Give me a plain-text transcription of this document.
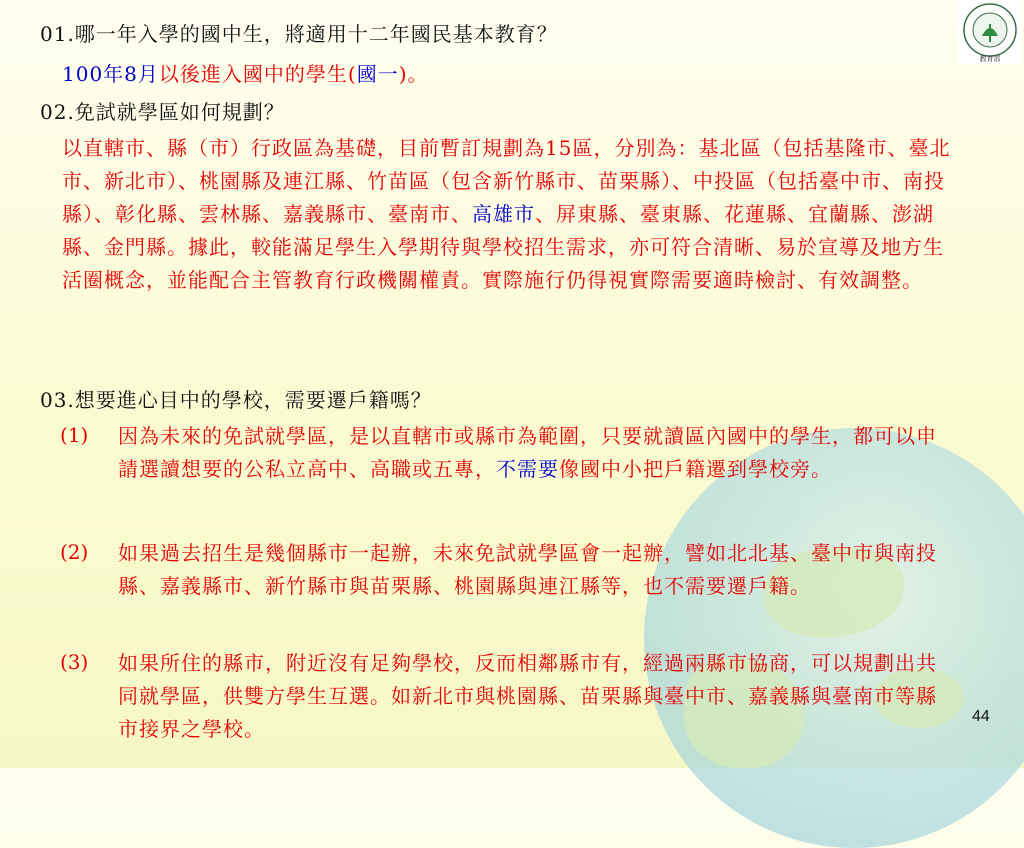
教育部
01.哪一年入學的國中生，將適用十二年國民基本教育？
100年8月以後進入國中的學生(國一)。
02.免試就學區如何規劃？
以直轄市、縣（市）行政區為基礎，目前暫訂規劃為15區，分別為：基北區（包括基隆市、臺北市、新北市）、桃園縣及連江縣、竹苗區（包含新竹縣市、苗栗縣）、中投區（包括臺中市、南投縣）、彰化縣、雲林縣、嘉義縣市、臺南市、高雄市、屏東縣、臺東縣、花蓮縣、宜蘭縣、澎湖縣、金門縣。據此，較能滿足學生入學期待與學校招生需求，亦可符合清晰、易於宣導及地方生活圈概念，並能配合主管教育行政機關權責。實際施行仍得視實際需要適時檢討、有效調整。
03.想要進心目中的學校，需要遷戶籍嗎？
(1) 因為未來的免試就學區，是以直轄市或縣市為範圍，只要就讀區內國中的學生，都可以申請選讀想要的公私立高中、高職或五專，不需要像國中小把戶籍遷到學校旁。
(2) 如果過去招生是幾個縣市一起辦，未來免試就學區會一起辦，譬如北北基、臺中市與南投縣、嘉義縣市、新竹縣市與苗栗縣、桃園縣與連江縣等，也不需要遷戶籍。
(3) 如果所住的縣市，附近沒有足夠學校，反而相鄰縣市有，經過兩縣市協商，可以規劃出共同就學區，供雙方學生互選。如新北市與桃園縣、苗栗縣與臺中市、嘉義縣與臺南市等縣市接界之學校。
44
